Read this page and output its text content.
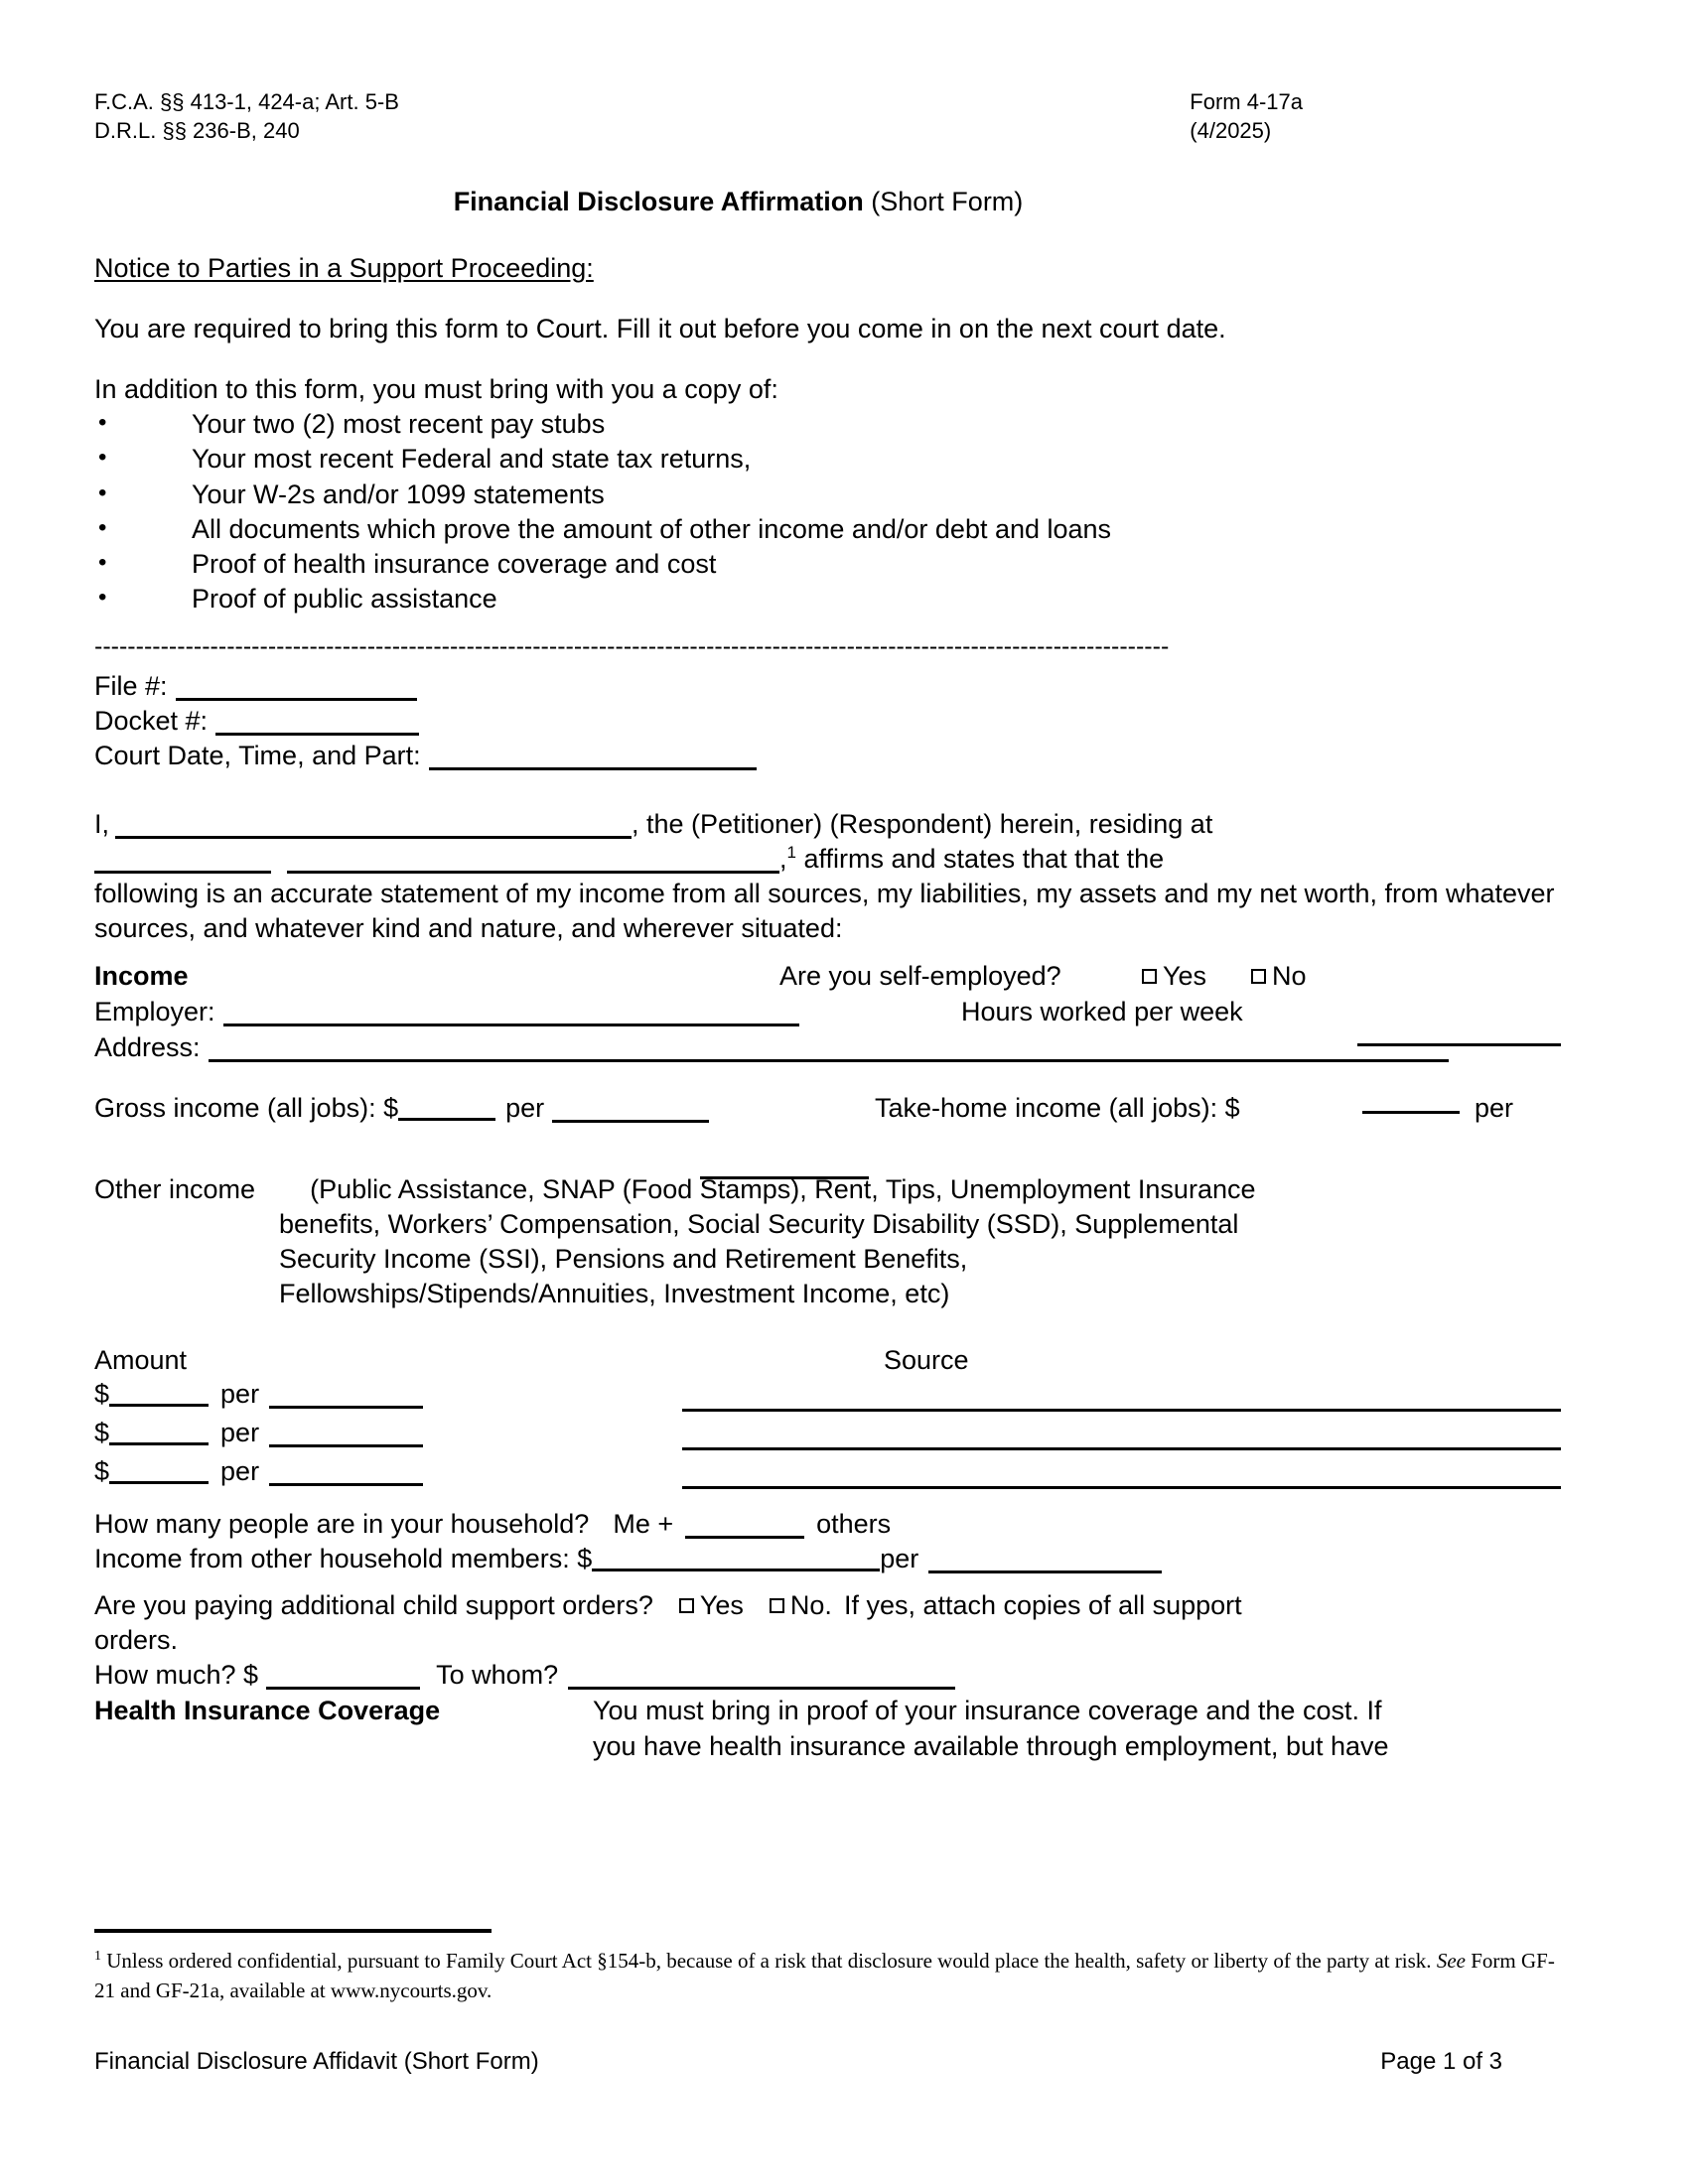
F.C.A. §§ 413-1, 424-a; Art. 5-B
D.R.L. §§ 236-B, 240
Form 4-17a
(4/2025)
Financial Disclosure Affirmation (Short Form)
Notice to Parties in a Support Proceeding:
You are required to bring this form to Court. Fill it out before you come in on the next court date.
In addition to this form, you must bring with you a copy of:
•	Your two (2) most recent pay stubs
•	Your most recent Federal and state tax returns,
•	Your W-2s and/or 1099 statements
•	All documents which prove the amount of other income and/or debt and loans
•	Proof of health insurance coverage and cost
•	Proof of public assistance
----------------------------------------------------------------------------------------------------------------------------------
File #:
Docket #:
Court Date, Time, and Part:
I,	, the (Petitioner) (Respondent) herein, residing at
,$^1$ affirms and states that that the
following is an accurate statement of my income from all sources, my liabilities, my assets and my net worth, from whatever sources, and whatever kind and nature, and wherever situated:
Income	Are you self-employed?	Yes	No
Employer:	Hours worked per week
Address:
Gross income (all jobs): $	per	Take-home income (all jobs): $	per
Other income (Public Assistance, SNAP (Food Stamps), Rent, Tips, Unemployment Insurance
benefits, Workers’ Compensation, Social Security Disability (SSD), Supplemental
Security Income (SSI), Pensions and Retirement Benefits,
Fellowships/Stipends/Annuities, Investment Income, etc)
Amount	Source
$	per
$	per
$	per
How many people are in your household? Me +	others
Income from other household members: $	per
Are you paying additional child support orders? Yes No. If yes, attach copies of all support
orders.
How much? $	To whom?
Health Insurance Coverage	You must bring in proof of your insurance coverage and the cost. If
you have health insurance available through employment, but have
$^1$ Unless ordered confidential, pursuant to Family Court Act §154-b, because of a risk that disclosure would place the health, safety or liberty of the party at risk. See Form GF-21 and GF-21a, available at www.nycourts.gov.
Financial Disclosure Affidavit (Short Form)	Page 1 of 3
